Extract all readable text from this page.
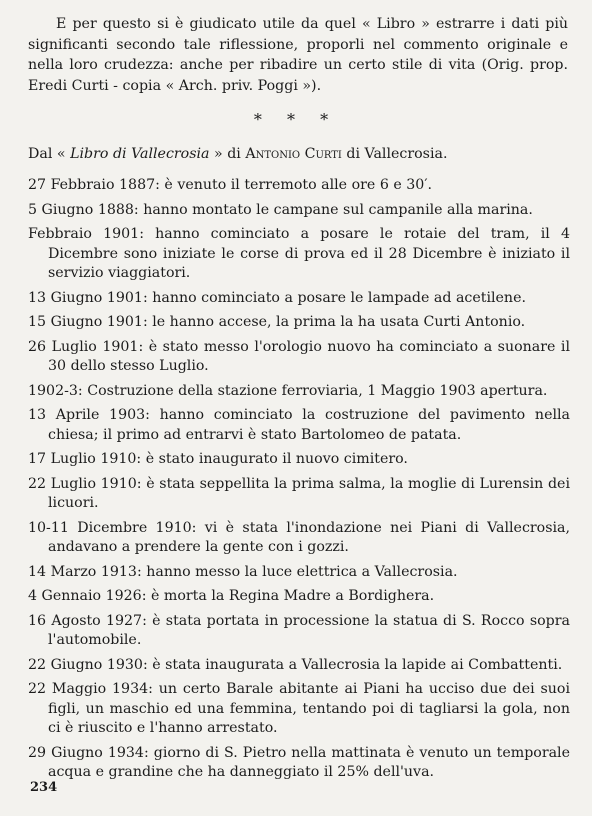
E per questo si è giudicato utile da quel « Libro » estrarre i dati più significanti secondo tale riflessione, proporli nel commento originale e nella loro crudezza: anche per ribadire un certo stile di vita (Orig. prop. Eredi Curti - copia « Arch. priv. Poggi »).

* * *

Dal « Libro di Vallecrosia » di Antonio Curti di Vallecrosia.

27 Febbraio 1887: è venuto il terremoto alle ore 6 e 30′.
5 Giugno 1888: hanno montato le campane sul campanile alla marina.
Febbraio 1901: hanno cominciato a posare le rotaie del tram, il 4 Dicembre sono iniziate le corse di prova ed il 28 Dicembre è iniziato il servizio viaggiatori.
13 Giugno 1901: hanno cominciato a posare le lampade ad acetilene.
15 Giugno 1901: le hanno accese, la prima la ha usata Curti Antonio.
26 Luglio 1901: è stato messo l'orologio nuovo ha cominciato a suonare il 30 dello stesso Luglio.
1902-3: Costruzione della stazione ferroviaria, 1 Maggio 1903 apertura.
13 Aprile 1903: hanno cominciato la costruzione del pavimento nella chiesa; il primo ad entrarvi è stato Bartolomeo de patata.
17 Luglio 1910: è stato inaugurato il nuovo cimitero.
22 Luglio 1910: è stata seppellita la prima salma, la moglie di Lurensin dei licuori.
10-11 Dicembre 1910: vi è stata l'inondazione nei Piani di Vallecrosia, andavano a prendere la gente con i gozzi.
14 Marzo 1913: hanno messo la luce elettrica a Vallecrosia.
4 Gennaio 1926: è morta la Regina Madre a Bordighera.
16 Agosto 1927: è stata portata in processione la statua di S. Rocco sopra l'automobile.
22 Giugno 1930: è stata inaugurata a Vallecrosia la lapide ai Combattenti.
22 Maggio 1934: un certo Barale abitante ai Piani ha ucciso due dei suoi figli, un maschio ed una femmina, tentando poi di tagliarsi la gola, non ci è riuscito e l'hanno arrestato.
29 Giugno 1934: giorno di S. Pietro nella mattinata è venuto un temporale acqua e grandine che ha danneggiato il 25% dell'uva.

234
